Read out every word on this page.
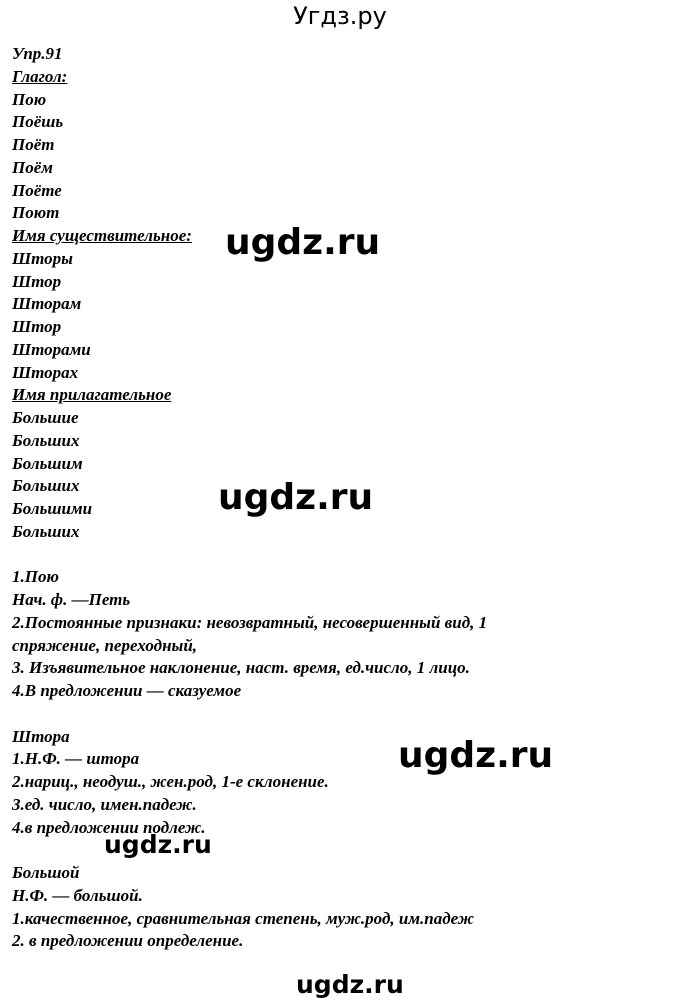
Угдз.ру
Упр.91
Глагол:
Пою
Поёшь
Поёт
Поём
Поёте
Поют
Имя существительное:
Шторы
Штор
Шторам
Штор
Шторами
Шторах
Имя прилагательное
Большие
Больших
Большим
Больших
Большими
Больших
1.Пою
Нач. ф. —Петь
2.Постоянные признаки: невозвратный, несовершенный вид, 1
спряжение, переходный,
3. Изъявительное наклонение, наст. время, ед.число, 1 лицо.
4.В предложении — сказуемое
Штора
1.Н.Ф. — штора
2.нариц., неодуш., жен.род, 1-е склонение.
3.ед. число, имен.падеж.
4.в предложении подлеж.
Большой
Н.Ф. — большой.
1.качественное, сравнительная степень, муж.род, им.падеж
2. в предложении определение.
ugdz.ru
ugdz.ru
ugdz.ru
ugdz.ru
ugdz.ru
